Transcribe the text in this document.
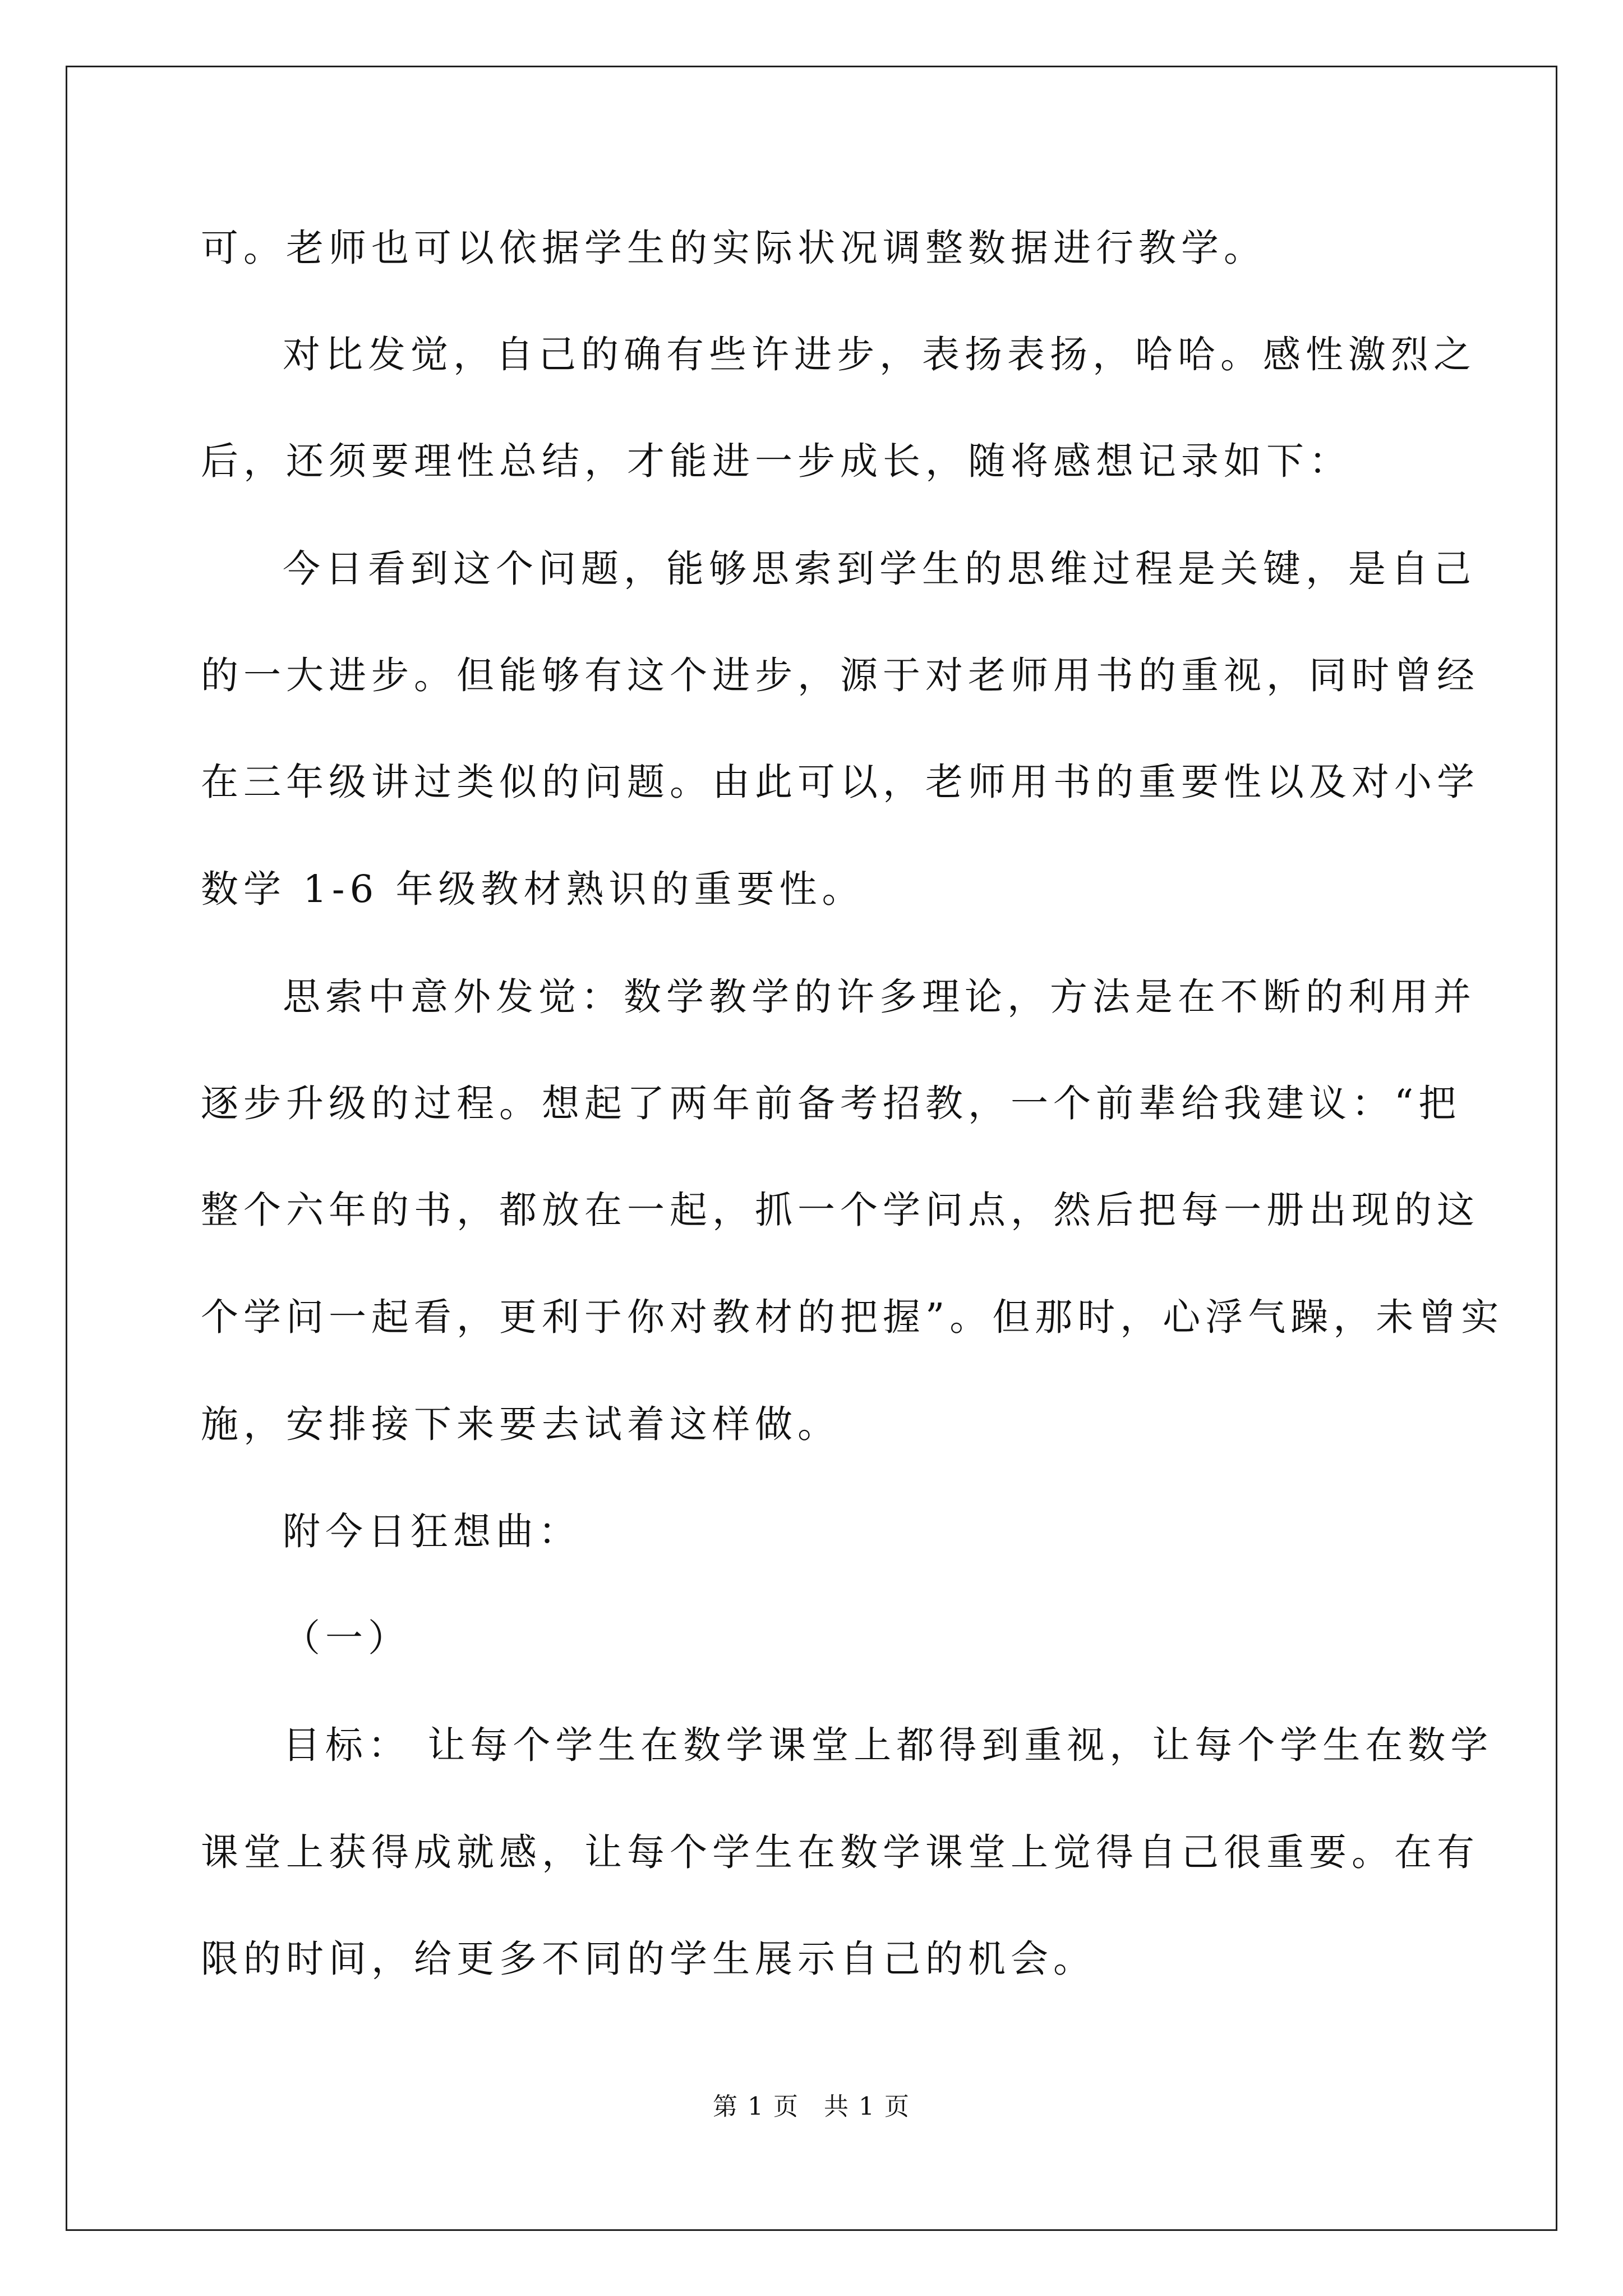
可。老师也可以依据学生的实际状况调整数据进行教学。
对比发觉，自己的确有些许进步，表扬表扬，哈哈。感性激烈之
后，还须要理性总结，才能进一步成长，随将感想记录如下：
今日看到这个问题，能够思索到学生的思维过程是关键，是自己
的一大进步。但能够有这个进步，源于对老师用书的重视，同时曾经
在三年级讲过类似的问题。由此可以，老师用书的重要性以及对小学
数学 1-6 年级教材熟识的重要性。
思索中意外发觉：数学教学的许多理论，方法是在不断的利用并
逐步升级的过程。想起了两年前备考招教，一个前辈给我建议：“把
整个六年的书，都放在一起，抓一个学问点，然后把每一册出现的这
个学问一起看，更利于你对教材的把握”。但那时，心浮气躁，未曾实
施，安排接下来要去试着这样做。
附今日狂想曲：
（一）
目标： 让每个学生在数学课堂上都得到重视，让每个学生在数学
课堂上获得成就感，让每个学生在数学课堂上觉得自己很重要。在有
限的时间，给更多不同的学生展示自己的机会。
第 1 页 共 1 页
